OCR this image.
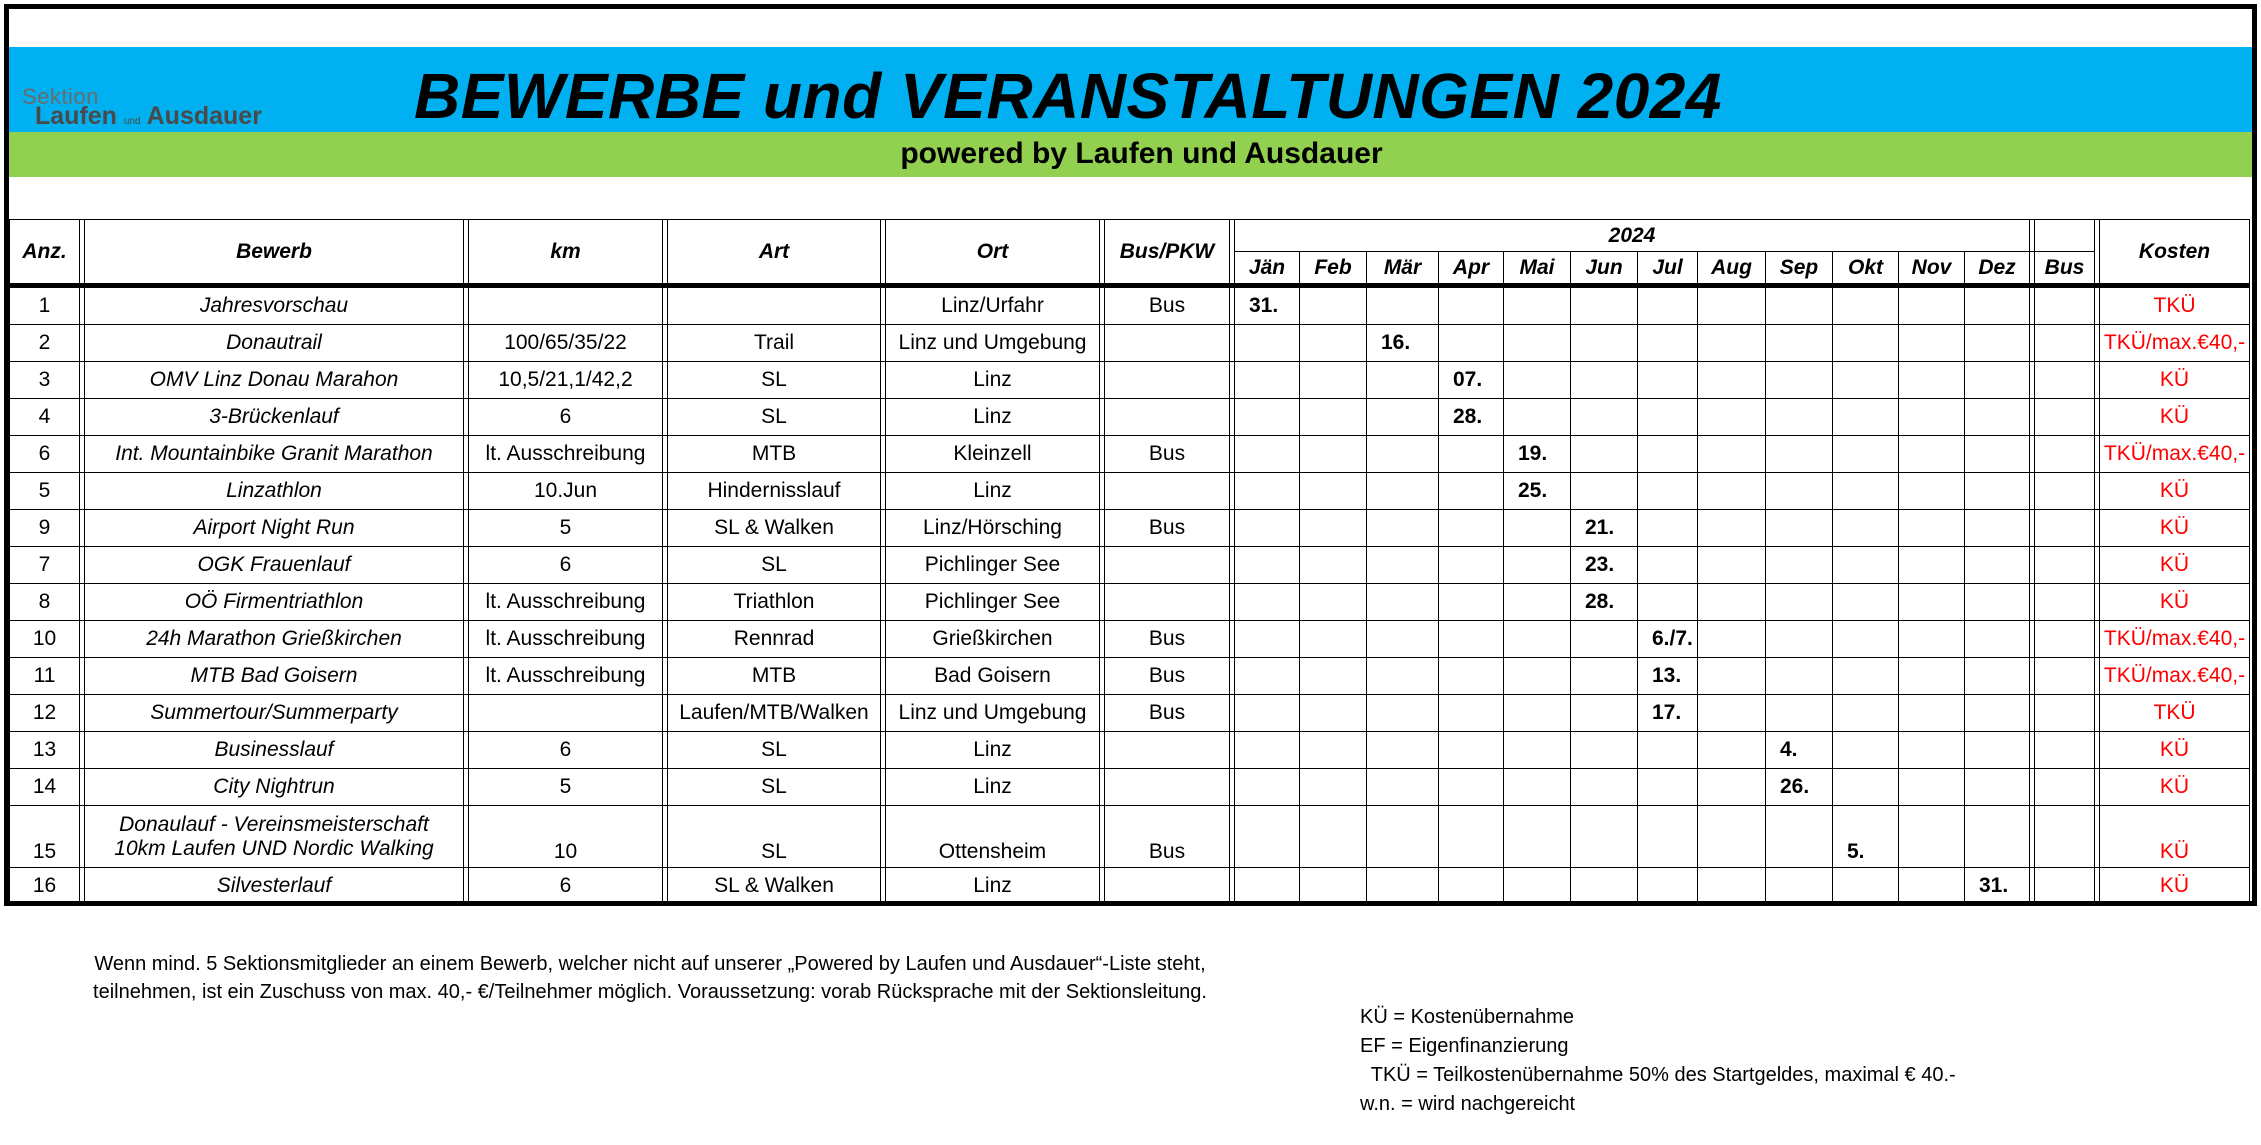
Sektion
Laufen und Ausdauer BEWERBE und VERANSTALTUNGEN 2024
powered by Laufen und Ausdauer
Anz.		Bewerb		km		Art		Ort		Bus/PKW		2024															Kosten
												Jän	Feb	Mär	Apr	Mai	Jun	Jul	Aug	Sep	Okt	Nov	Dez		Bus		
1		Jahresvorschau						Linz/Urfahr		Bus		31.															TKÜ
2		Donautrail		100/65/35/22		Trail		Linz und Umgebung						16.													TKÜ/max.€40,-
3		OMV Linz Donau Marahon		10,5/21,1/42,2		SL		Linz							07.												KÜ
4		3-Brückenlauf		6		SL		Linz							28.												KÜ
6		Int. Mountainbike Granit Marathon		lt. Ausschreibung		MTB		Kleinzell		Bus						19.											TKÜ/max.€40,-
5		Linzathlon		10.Jun		Hindernisslauf		Linz								25.											KÜ
9		Airport Night Run		5		SL & Walken		Linz/Hörsching		Bus							21.										KÜ
7		OGK Frauenlauf		6		SL		Pichlinger See									23.										KÜ
8		OÖ Firmentriathlon		lt. Ausschreibung		Triathlon		Pichlinger See									28.										KÜ
10		24h Marathon Grießkirchen		lt. Ausschreibung		Rennrad		Grießkirchen		Bus								6./7.									TKÜ/max.€40,-
11		MTB Bad Goisern		lt. Ausschreibung		MTB		Bad Goisern		Bus								13.									TKÜ/max.€40,-
12		Summertour/Summerparty				Laufen/MTB/Walken		Linz und Umgebung		Bus								17.									TKÜ
13		Businesslauf		6		SL		Linz												4.							KÜ
14		City Nightrun		5		SL		Linz												26.							KÜ
15		Donaulauf - Vereinsmeisterschaft
10km Laufen UND Nordic Walking		10		SL		Ottensheim		Bus											5.						KÜ
16		Silvesterlauf		6		SL & Walken		Linz															31.				KÜ
Wenn mind. 5 Sektionsmitglieder an einem Bewerb, welcher nicht auf unserer „Powered by Laufen und Ausdauer“-Liste steht, teilnehmen, ist ein Zuschuss von max. 40,- €/Teilnehmer möglich. Voraussetzung: vorab Rücksprache mit der Sektionsleitung.
KÜ = Kostenübernahme
EF = Eigenfinanzierung
TKÜ = Teilkostenübernahme 50% des Startgeldes, maximal € 40.-
w.n. = wird nachgereicht
